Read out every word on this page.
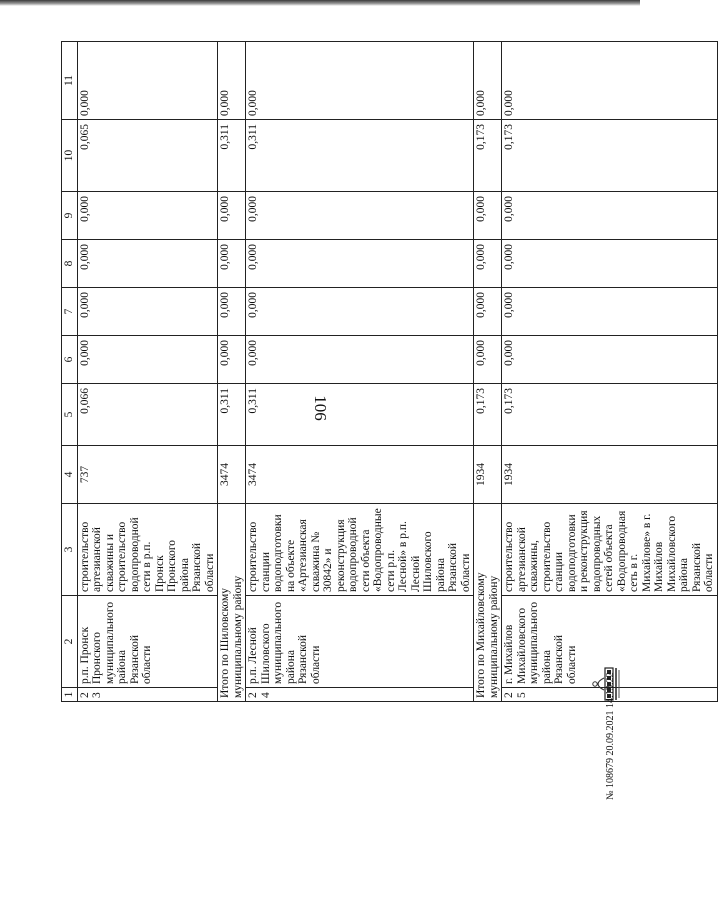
106
1	2	3	4	5	6	7	8	9	10	11
23	р.п. Пронск Пронского муниципального района Рязанской области	строительство артезианской скважины и строительство водопроводной сети в р.п. Пронск Пронского района Рязанской области	737	0,066	0,000	0,000	0,000	0,000	0,065	0,000
Итого по Шиловскому муниципальному району			3474	0,311	0,000	0,000	0,000	0,000	0,311	0,000
24	р.п. Лесной Шиловского муниципального района Рязанской области	строительство станции водоподготовки на объекте «Артезианская скважина № 30842» и реконструкция водопроводной сети объекта «Водопроводные сети р.п. Лесной» в р.п. Лесной Шиловского района Рязанской области	3474	0,311	0,000	0,000	0,000	0,000	0,311	0,000
Итого по Михайловскому муниципальному району			1934	0,173	0,000	0,000	0,000	0,000	0,173	0,000
25	г. Михайлов Михайловского муниципального района Рязанской области	строительство артезианской скважины, строительство станции водоподготовки и реконструкция водопроводных сетей объекта «Водопроводная сеть в г. Михайлове» в г. Михайлов Михайловского района Рязанской области	1934	0,173	0,000	0,000	0,000	0,000	0,173	0,000
№ 108679 20.09.2021 14:13:22
